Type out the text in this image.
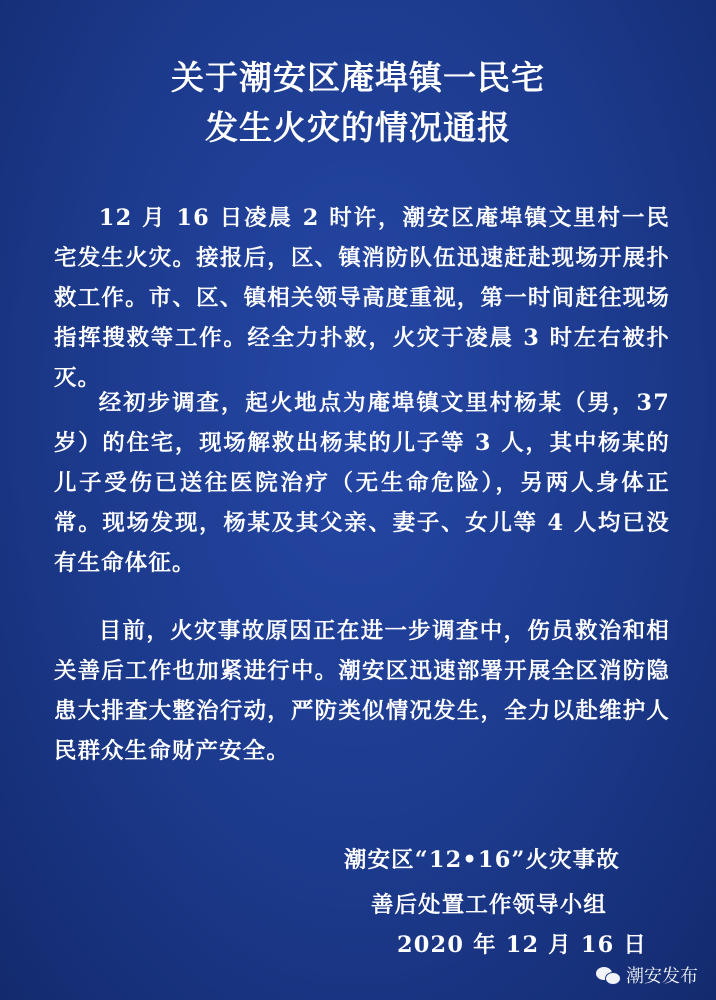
关于潮安区庵埠镇一民宅
发生火灾的情况通报

12 月 16 日凌晨 2 时许，潮安区庵埠镇文里村一民宅发生火灾。接报后，区、镇消防队伍迅速赶赴现场开展扑救工作。市、区、镇相关领导高度重视，第一时间赶往现场指挥搜救等工作。经全力扑救，火灾于凌晨 3 时左右被扑灭。

经初步调查，起火地点为庵埠镇文里村杨某（男，37 岁）的住宅，现场解救出杨某的儿子等 3 人，其中杨某的儿子受伤已送往医院治疗（无生命危险），另两人身体正常。现场发现，杨某及其父亲、妻子、女儿等 4 人均已没有生命体征。

目前，火灾事故原因正在进一步调查中，伤员救治和相关善后工作也加紧进行中。潮安区迅速部署开展全区消防隐患大排查大整治行动，严防类似情况发生，全力以赴维护人民群众生命财产安全。

潮安区“12•16”火灾事故
善后处置工作领导小组
2020 年 12 月 16 日
潮安发布
